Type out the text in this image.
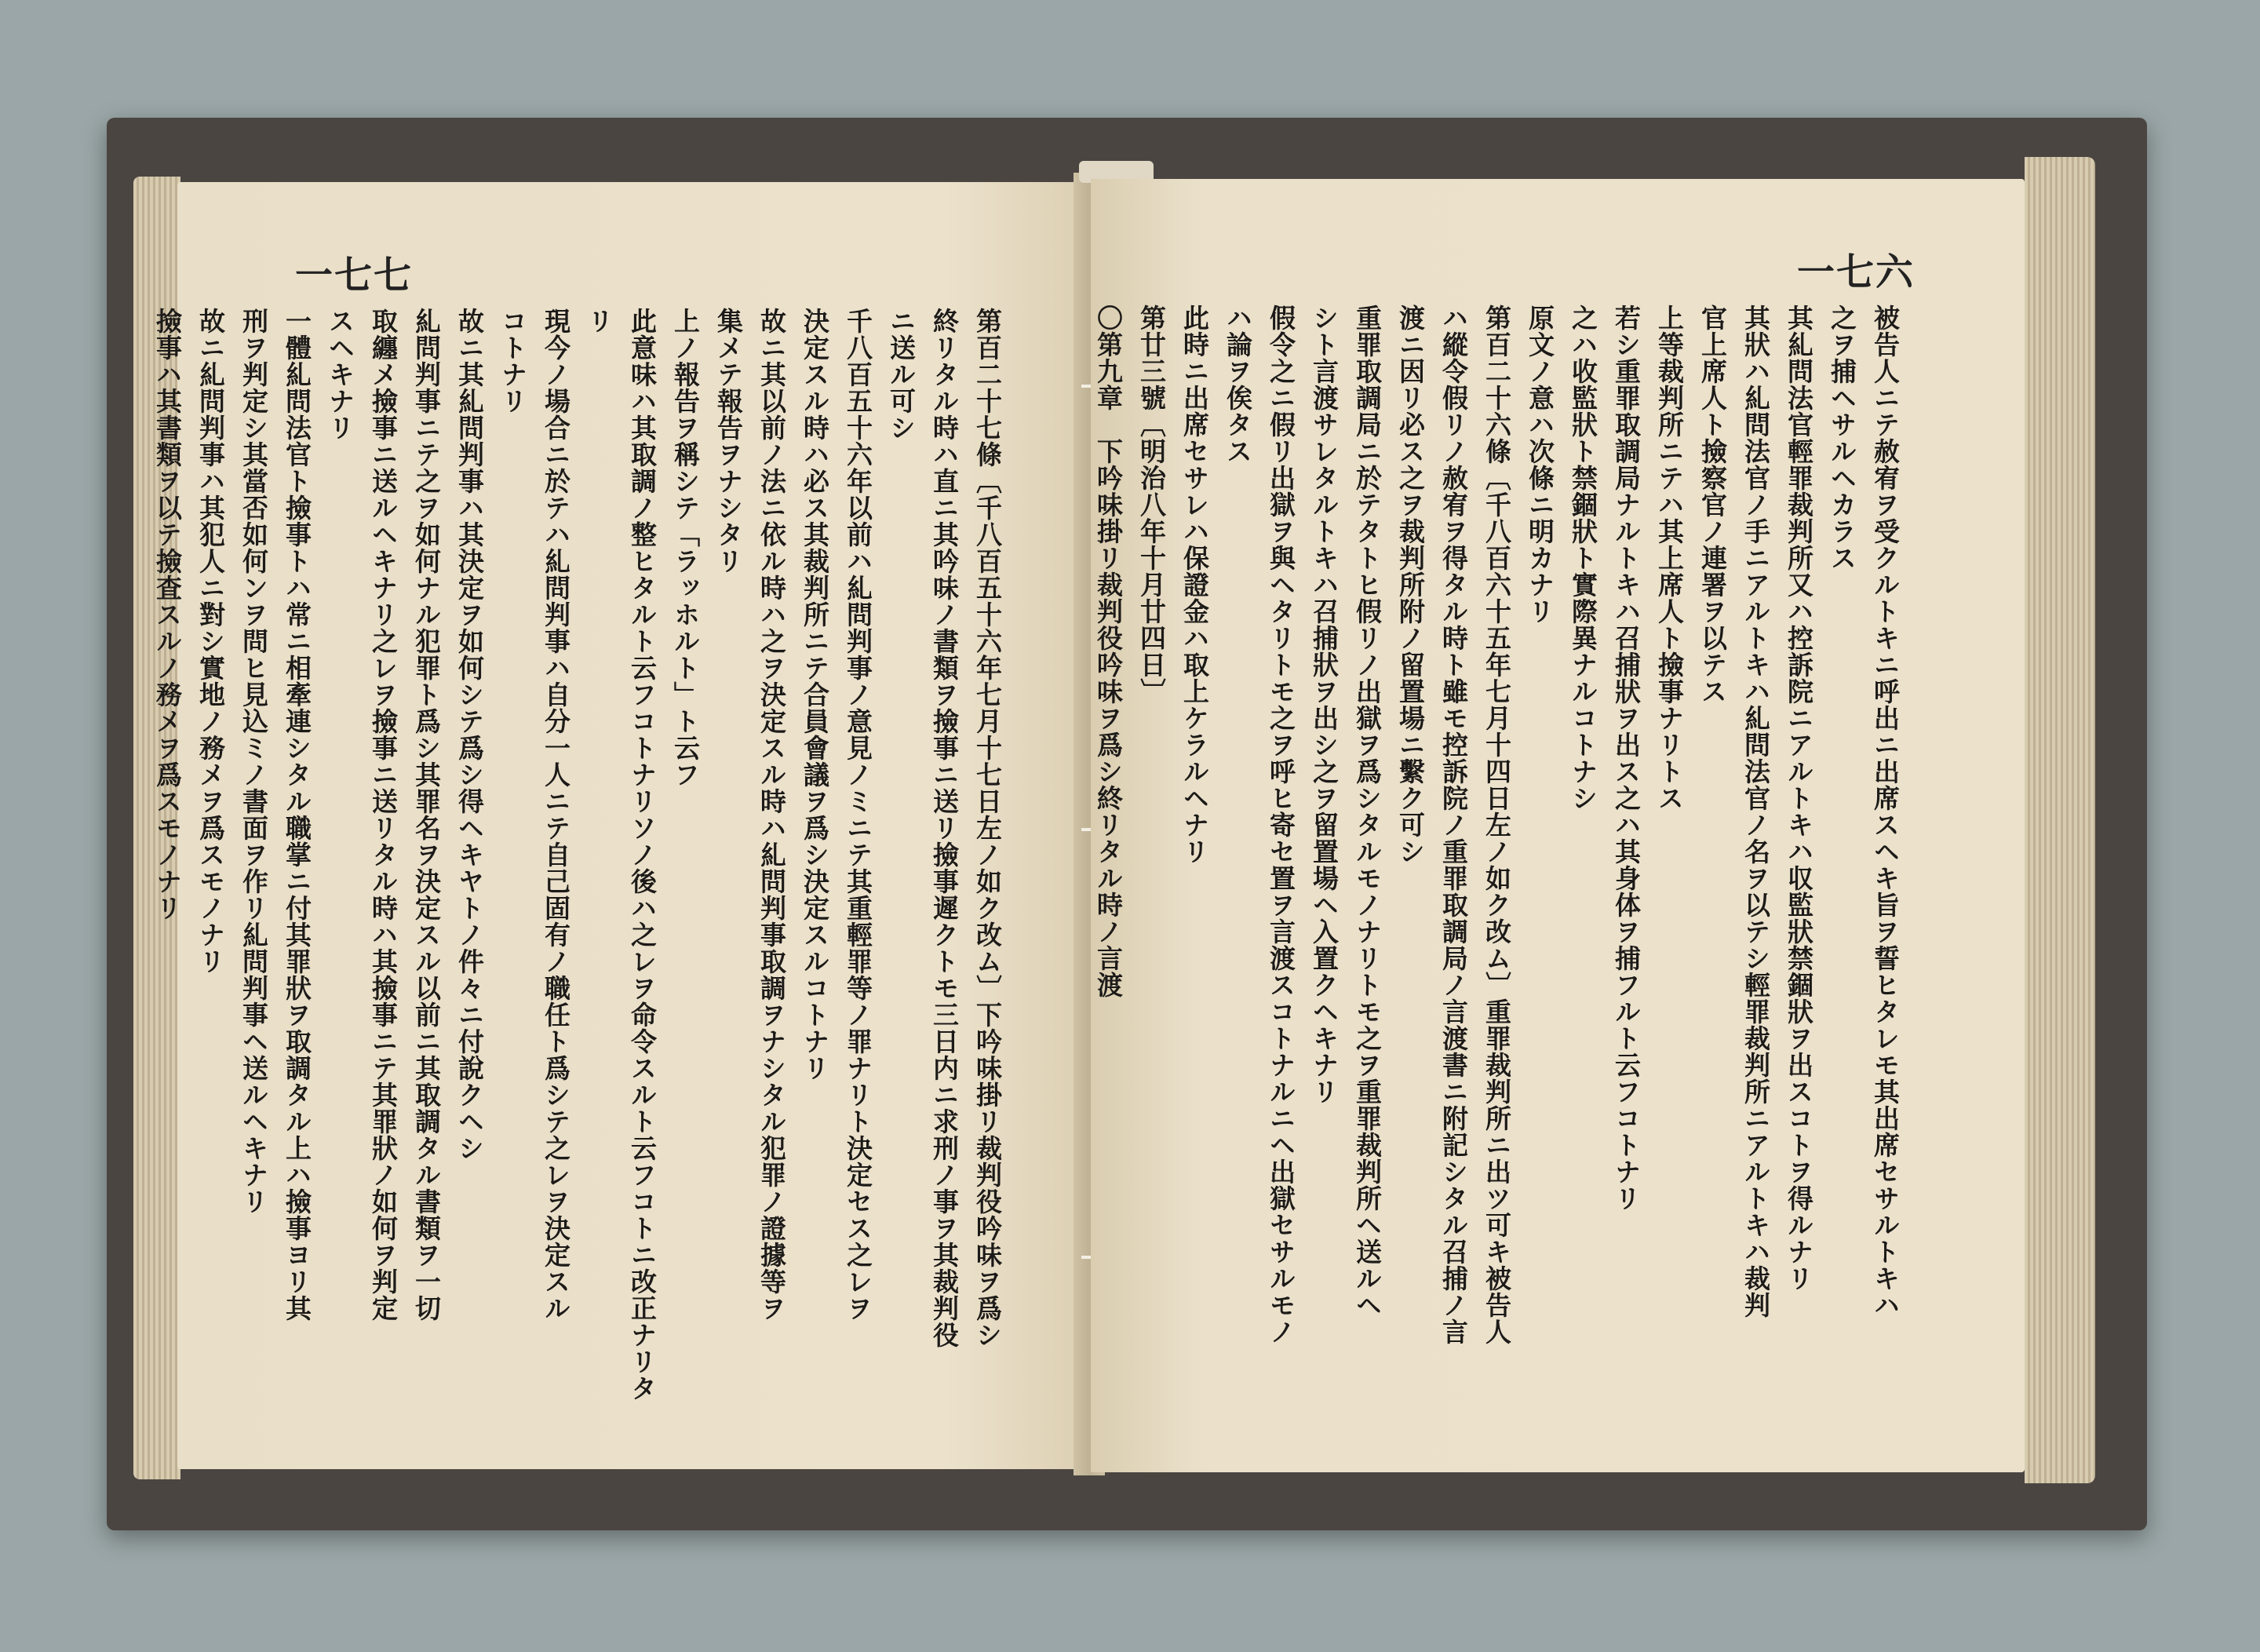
一七七

第百二十七條〔千八百五十六年七月十七日左ノ如ク改ム〕下吟味掛リ裁判役吟味ヲ爲シ

終リタル時ハ直ニ其吟味ノ書類ヲ撿事ニ送リ撿事遲クトモ三日内ニ求刑ノ事ヲ其裁判役

ニ送ル可シ

千八百五十六年以前ハ糺問判事ノ意見ノミニテ其重輕罪等ノ罪ナリト決定セス之レヲ

決定スル時ハ必ス其裁判所ニテ合員會議ヲ爲シ決定スルコトナリ

故ニ其以前ノ法ニ依ル時ハ之ヲ決定スル時ハ糺問判事取調ヲナシタル犯罪ノ證據等ヲ

集メテ報告ヲナシタリ

上ノ報告ヲ稱シテ「ラッホルト」ト云フ

此意味ハ其取調ノ整ヒタルト云フコトナリソノ後ハ之レヲ命令スルト云フコトニ改正ナリタ

リ

現今ノ場合ニ於テハ糺問判事ハ自分一人ニテ自己固有ノ職任ト爲シテ之レヲ決定スル

コトナリ

故ニ其糺問判事ハ其決定ヲ如何シテ爲シ得ヘキヤトノ件々ニ付說クヘシ

糺問判事ニテ之ヲ如何ナル犯罪ト爲シ其罪名ヲ決定スル以前ニ其取調タル書類ヲ一切

取纏メ撿事ニ送ルヘキナリ之レヲ撿事ニ送リタル時ハ其撿事ニテ其罪狀ノ如何ヲ判定

スヘキナリ

一體糺問法官ト撿事トハ常ニ相牽連シタル職掌ニ付其罪狀ヲ取調タル上ハ撿事ヨリ其

刑ヲ判定シ其當否如何ンヲ問ヒ見込ミノ書面ヲ作リ糺問判事ヘ送ルヘキナリ

故ニ糺問判事ハ其犯人ニ對シ實地ノ務メヲ爲スモノナリ

撿事ハ其書類ヲ以テ撿査スルノ務メヲ爲スモノナリ

一七六

被告人ニテ赦宥ヲ受クルトキニ呼出ニ出席スヘキ旨ヲ誓ヒタレモ其出席セサルトキハ

之ヲ捕ヘサルヘカラス

其糺問法官輕罪裁判所又ハ控訴院ニアルトキハ収監狀禁錮狀ヲ出スコトヲ得ルナリ

其狀ハ糺問法官ノ手ニアルトキハ糺問法官ノ名ヲ以テシ輕罪裁判所ニアルトキハ裁判

官上席人ト撿察官ノ連署ヲ以テス

上等裁判所ニテハ其上席人ト撿事ナリトス

若シ重罪取調局ナルトキハ召捕狀ヲ出ス之ハ其身体ヲ捕フルト云フコトナリ

之ハ收監狀ト禁錮狀ト實際異ナルコトナシ

原文ノ意ハ次條ニ明カナリ

第百二十六條〔千八百六十五年七月十四日左ノ如ク改ム〕重罪裁判所ニ出ツ可キ被告人

ハ縱令假リノ赦宥ヲ得タル時ト雖モ控訴院ノ重罪取調局ノ言渡書ニ附記シタル召捕ノ言

渡ニ因リ必ス之ヲ裁判所附ノ留置場ニ繫ク可シ

重罪取調局ニ於テタトヒ假リノ出獄ヲ爲シタルモノナリトモ之ヲ重罪裁判所ヘ送ルヘ

シト言渡サレタルトキハ召捕狀ヲ出シ之ヲ留置場ヘ入置クヘキナリ

假令之ニ假リ出獄ヲ與ヘタリトモ之ヲ呼ヒ寄セ置ヲ言渡スコトナルニヘ出獄セサルモノ

ハ論ヲ俟タス

此時ニ出席セサレハ保證金ハ取上ケラルヘナリ

第廿三號〔明治八年十月廿四日〕

〇第九章　下吟味掛リ裁判役吟味ヲ爲シ終リタル時ノ言渡
